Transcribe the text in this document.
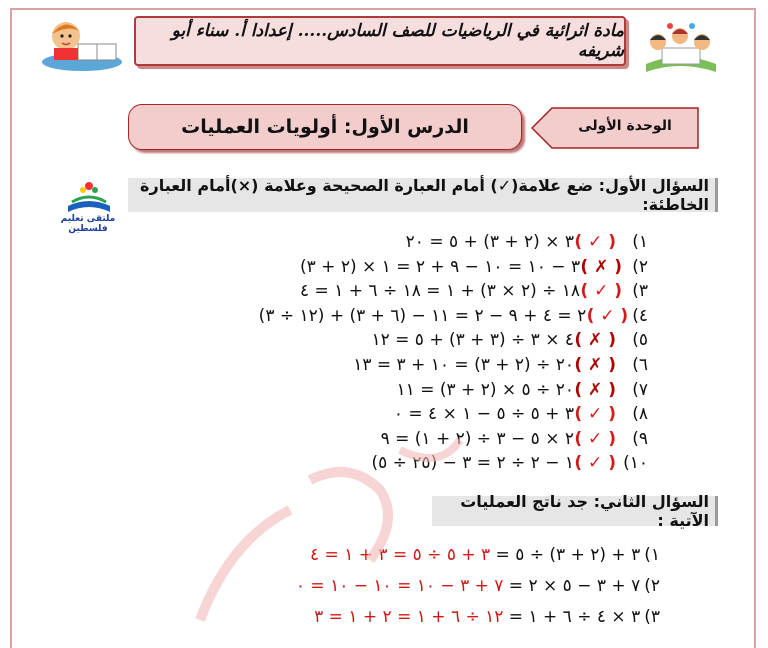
مادة اثرائية في الرياضيات للصف السادس..... إعدادا أ. سناء أبو شريفه
الدرس الأول: أولويات العمليات	الوحدة الأولى
ملتقى تعليم فلسطين
السؤال الأول: ضع علامة(✓) أمام العبارة الصحيحة وعلامة (×)أمام العبارة الخاطئة:
١)
( ✓ )
٣ × (٢ + ٣) + ٥ = ٢٠
٢)
( ✗ )
(٢ + ٣) × ٣ − ١٠ = ١٠ − ٩ + ٢ = ١
٣)
( ✓ )
١٨ ÷ (٢ × ٣) + ١ = ١٨ ÷ ٦ + ١ = ٤
٤)
( ✓ )
(١٢ ÷ ٣) + (٦ + ٣) − ٢ = ٤ + ٩ − ٢ = ١١
٥)
( ✗ )
٤ × ٣ ÷ (٣ + ٣) + ٥ = ١٢
٦)
( ✗ )
٢٠ ÷ (٢ + ٣) = ١٠ + ٣ = ١٣
٧)
( ✗ )
٢٠ ÷ ٥ × (٢ + ٣) = ١١
٨)
( ✓ )
٣ + ٥ ÷ ٥ − ١ × ٤ = ٠
٩)
( ✓ )
٢ × ٥ − ٣ ÷ (٢ + ١) = ٩
١٠)
( ✓ )
(٢٥ ÷ ٥) − ١ − ٢ ÷ ٢ = ٣
السؤال الثاني: جد ناتج العمليات الآتية :
١)
٣ + (٢ + ٣) ÷ ٥ = ٣ + ٥ ÷ ٥ = ٣ + ١ = ٤
٢)
٧ + ٣ − ٥ × ٢ = ٧ + ٣ − ١٠ = ١٠ − ١٠ = ٠
٣)
٣ × ٤ ÷ ٦ + ١ = ١٢ ÷ ٦ + ١ = ٢ + ١ = ٣
